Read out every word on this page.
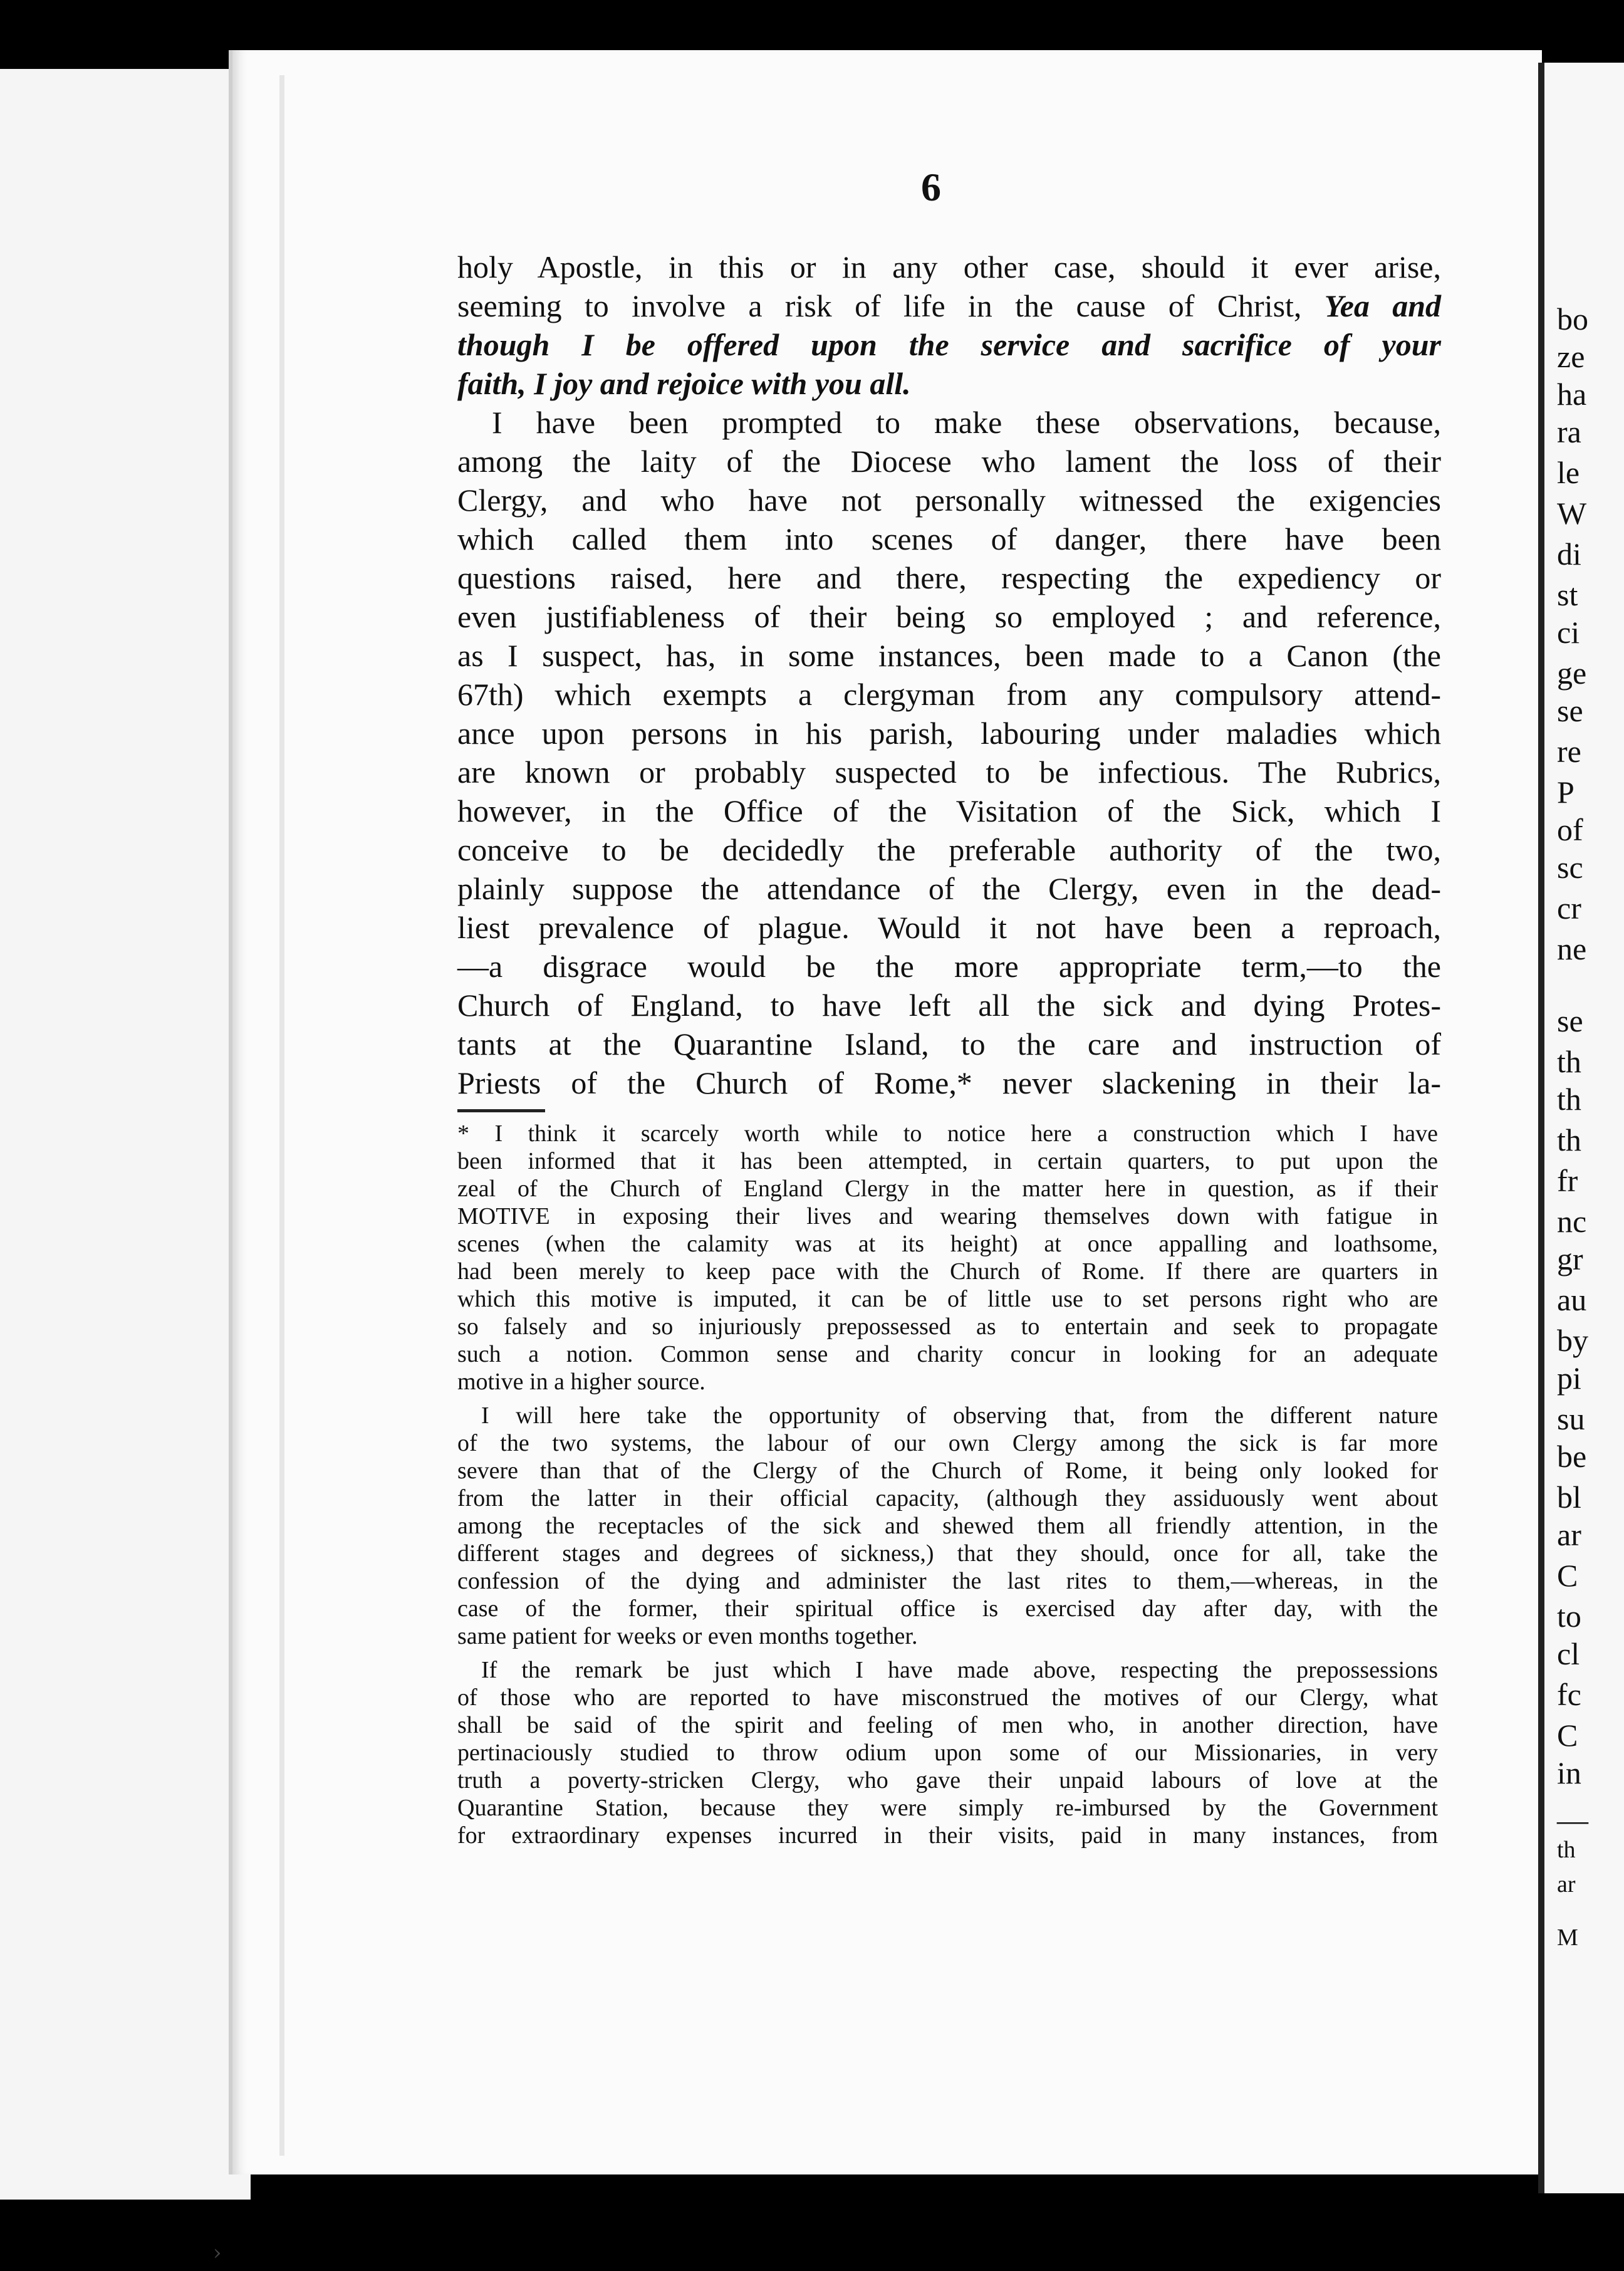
bo
ze
ha
ra
le
W
di
st
ci
ge
se
re
P
of
sc
cr
ne
se
th
th
th
fr
nc
gr
au
by
pi
su
be
bl
ar
C
to
cl
fc
C
in
—
th
ar
M
6
holy Apostle, in this or in any other case, should it ever arise,
seeming to involve a risk of life in the cause of Christ, Yea and
though I be offered upon the service and sacrifice of your
faith, I joy and rejoice with you all.
I have been prompted to make these observations, because,
among the laity of the Diocese who lament the loss of their
Clergy, and who have not personally witnessed the exigencies
which called them into scenes of danger, there have been
questions raised, here and there, respecting the expediency or
even justifiableness of their being so employed ; and reference,
as I suspect, has, in some instances, been made to a Canon (the
67th) which exempts a clergyman from any compulsory attend-
ance upon persons in his parish, labouring under maladies which
are known or probably suspected to be infectious. The Rubrics,
however, in the Office of the Visitation of the Sick, which I
conceive to be decidedly the preferable authority of the two,
plainly suppose the attendance of the Clergy, even in the dead-
liest prevalence of plague. Would it not have been a reproach,
—a disgrace would be the more appropriate term,—to the
Church of England, to have left all the sick and dying Protes-
tants at the Quarantine Island, to the care and instruction of
Priests of the Church of Rome,* never slackening in their la-
* I think it scarcely worth while to notice here a construction which I have
been informed that it has been attempted, in certain quarters, to put upon the
zeal of the Church of England Clergy in the matter here in question, as if their
MOTIVE in exposing their lives and wearing themselves down with fatigue in
scenes (when the calamity was at its height) at once appalling and loathsome,
had been merely to keep pace with the Church of Rome. If there are quarters in
which this motive is imputed, it can be of little use to set persons right who are
so falsely and so injuriously prepossessed as to entertain and seek to propagate
such a notion. Common sense and charity concur in looking for an adequate
motive in a higher source.
I will here take the opportunity of observing that, from the different nature
of the two systems, the labour of our own Clergy among the sick is far more
severe than that of the Clergy of the Church of Rome, it being only looked for
from the latter in their official capacity, (although they assiduously went about
among the receptacles of the sick and shewed them all friendly attention, in the
different stages and degrees of sickness,) that they should, once for all, take the
confession of the dying and administer the last rites to them,—whereas, in the
case of the former, their spiritual office is exercised day after day, with the
same patient for weeks or even months together.
If the remark be just which I have made above, respecting the prepossessions
of those who are reported to have misconstrued the motives of our Clergy, what
shall be said of the spirit and feeling of men who, in another direction, have
pertinaciously studied to throw odium upon some of our Missionaries, in very
truth a poverty-stricken Clergy, who gave their unpaid labours of love at the
Quarantine Station, because they were simply re-imbursed by the Government
for extraordinary expenses incurred in their visits, paid in many instances, from
›
